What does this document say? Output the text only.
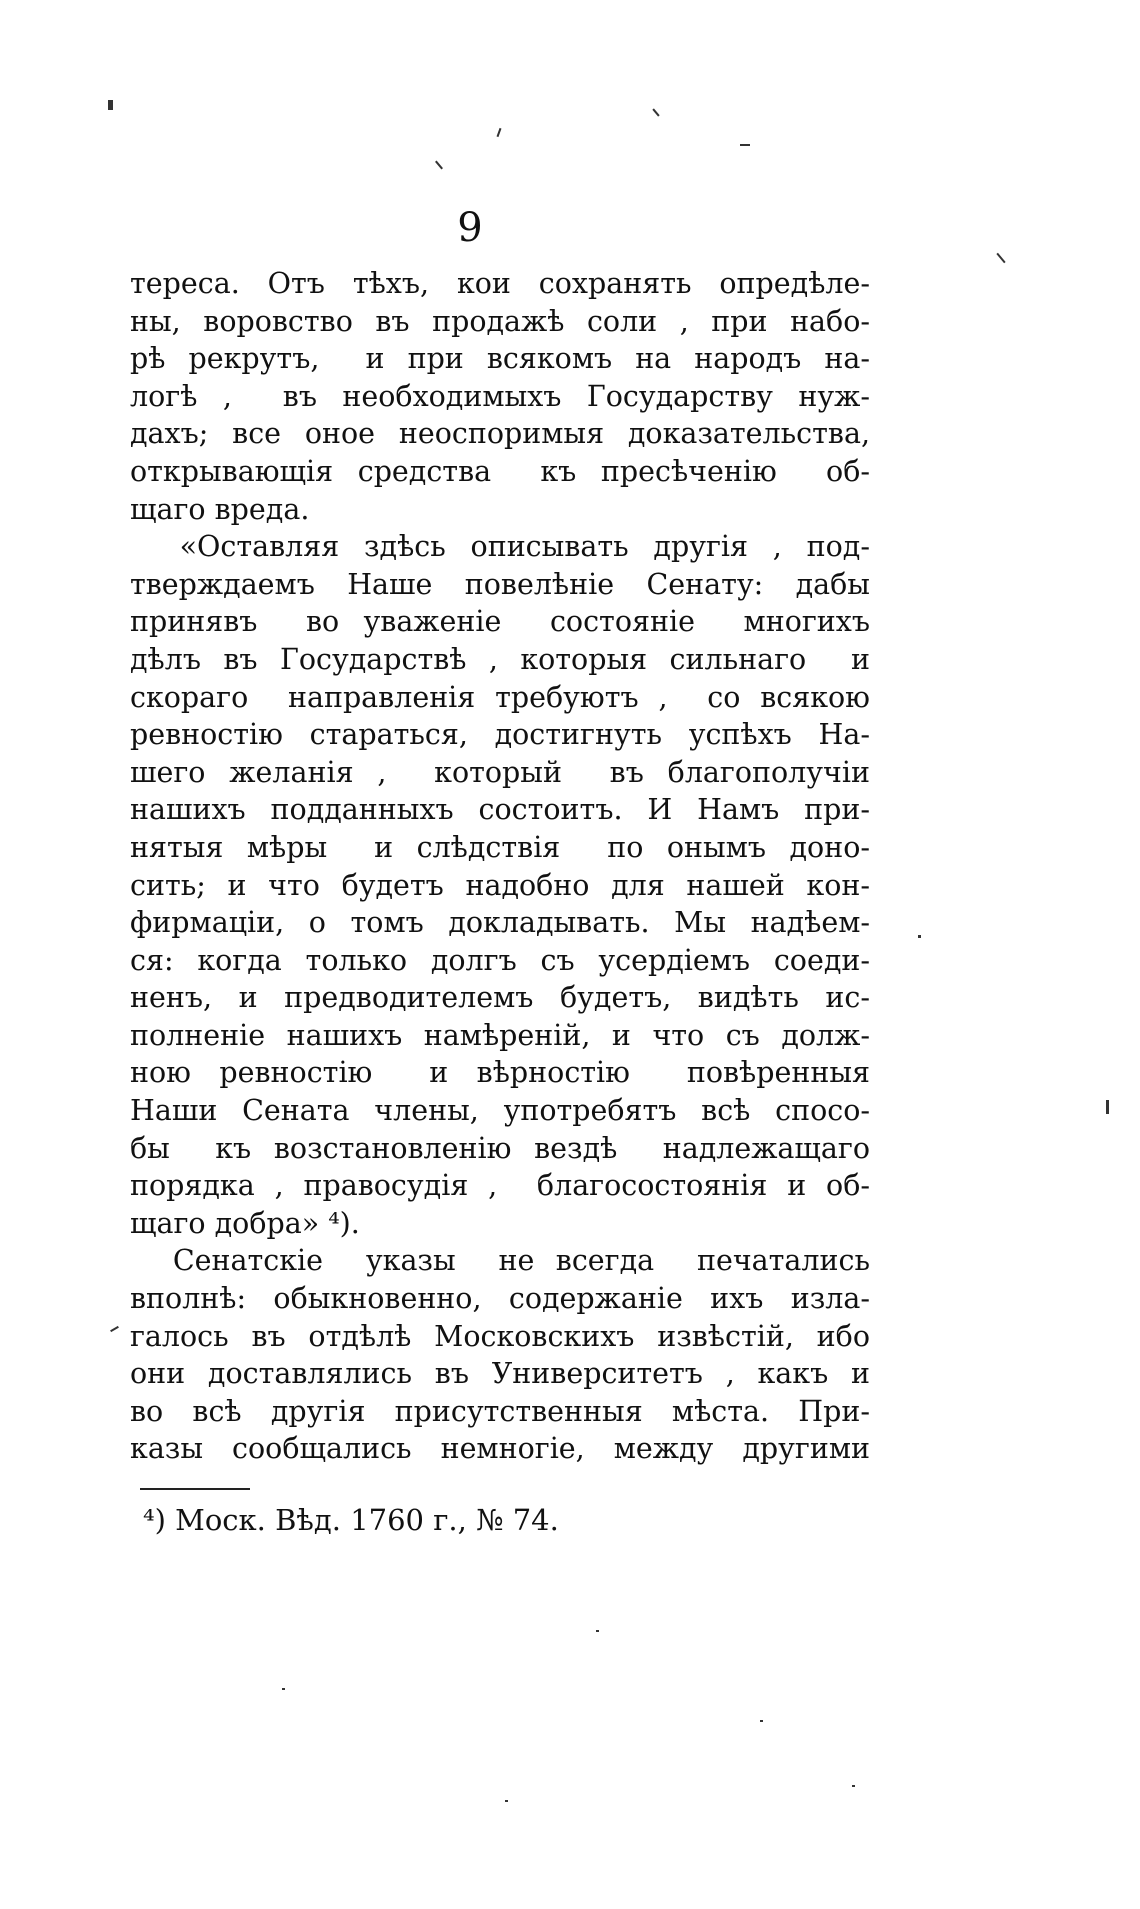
9
тереса. Отъ тѣхъ, кои сохранять опредѣле-
ны, воровство въ продажѣ соли , при набо-
рѣ рекрутъ,  и при всякомъ на народъ на-
логѣ ,  въ необходимыхъ Государству нуж-
дахъ; все оное неоспоримыя доказательства,
открывающія средства  къ пресѣченію  об-
щаго вреда.
«Оставляя здѣсь описывать другія , под-
тверждаемъ Наше повелѣніе Сенату: дабы
принявъ  во уваженіе  состояніе  многихъ
дѣлъ въ Государствѣ , которыя сильнаго  и
скораго  направленія требуютъ ,  со всякою
ревностію стараться, достигнуть успѣхъ На-
шего желанія ,  который  въ благополучіи
нашихъ подданныхъ состоитъ. И Намъ при-
нятыя мѣры  и слѣдствія  по онымъ доно-
сить; и что будетъ надобно для нашей кон-
фирмаціи, о томъ докладывать. Мы надѣем-
ся: когда только долгъ съ усердіемъ соеди-
ненъ, и предводителемъ будетъ, видѣть ис-
полненіе нашихъ намѣреній, и что съ долж-
ною ревностію  и вѣрностію  повѣренныя
Наши Сената члены, употребятъ всѣ спосо-
бы  къ возстановленію вездѣ  надлежащаго
порядка , правосудія ,  благосостоянія и об-
щаго добра» ⁴).
Сенатскіе  указы  не всегда  печатались
вполнѣ: обыкновенно, содержаніе ихъ изла-
галось въ отдѣлѣ Московскихъ извѣстій, ибо
они доставлялись въ Университетъ , какъ и
во всѣ другія присутственныя мѣста. При-
казы сообщались немногіе, между другими
⁴) Моск. Вѣд. 1760 г., № 74.
